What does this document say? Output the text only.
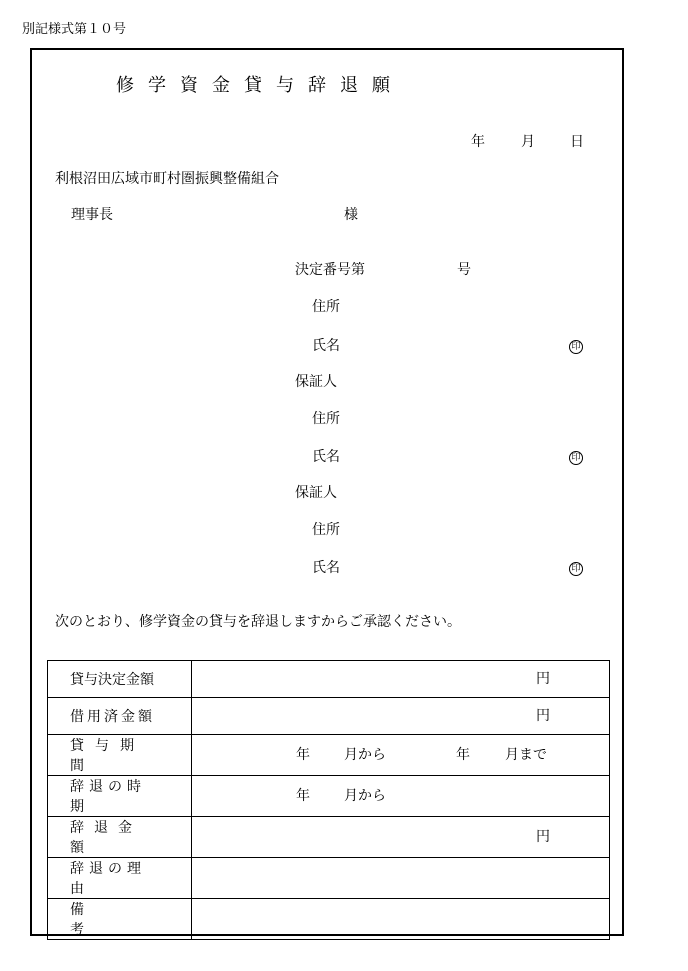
別記様式第１０号
修学資金貸与辞退願
年	月	日
利根沼田広域市町村圏振興整備組合
理事長	様
決定番号第	号
住所
氏名	印
保証人
住所
氏名	印
保証人
住所
氏名	印
次のとおり、修学資金の貸与を辞退しますからご承認ください。
貸与決定金額	円

借用済金額	円

貸与期間	年 月から 年 月まで

辞退の時期	年 月から

辞退金額	円

辞退の理由	

備考	
